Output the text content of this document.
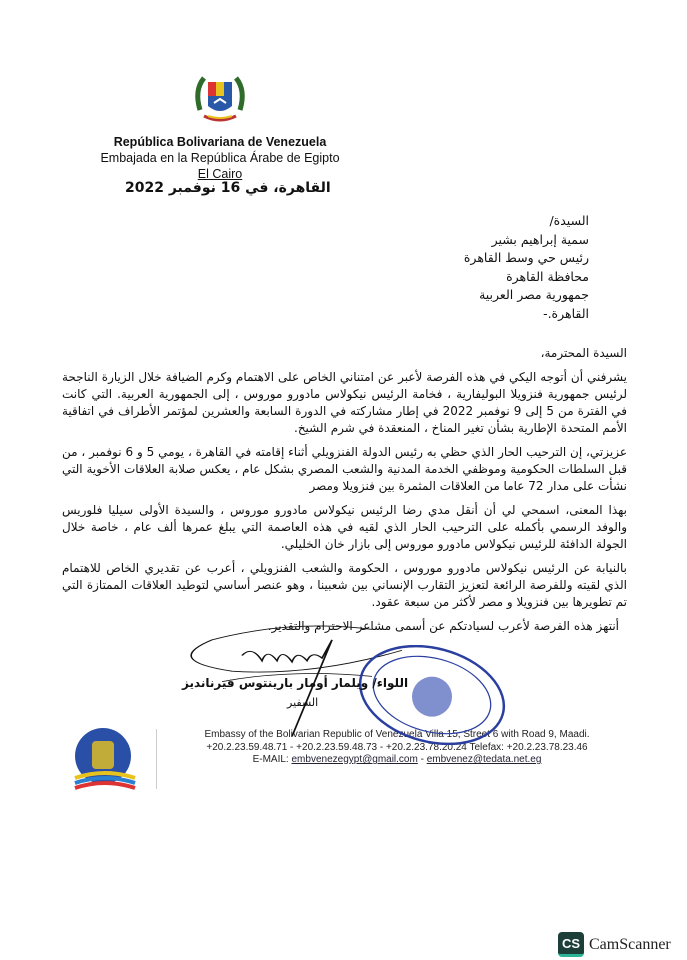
República Bolivariana de Venezuela
Embajada en la República Árabe de Egipto
El Cairo
القاهرة، في 16 نوفمبر 2022
السيدة/
سمية إبراهيم بشير
رئيس حي وسط القاهرة
محافظة القاهرة
جمهورية مصر العربية
القاهرة.-

السيدة المحترمة،

يشرفني أن أتوجه اليكي في هذه الفرصة لأعبر عن امتناني الخاص على الاهتمام وكرم الضيافة خلال الزيارة الناجحة لرئيس جمهورية فنزويلا البوليفارية ، فخامة الرئيس نيكولاس مادورو موروس ، إلى الجمهورية العربية. التي كانت في الفترة من 5 إلى 9 نوفمبر 2022 في إطار مشاركته في الدورة السابعة والعشرين لمؤتمر الأطراف في اتفاقية الأمم المتحدة الإطارية بشأن تغير المناخ ، المنعقدة في شرم الشيخ.

عزيزتي، إن الترحيب الحار الذي حظي به رئيس الدولة الفنزويلي أثناء إقامته في القاهرة ، يومي 5 و 6 نوفمبر ، من قبل السلطات الحكومية وموظفي الخدمة المدنية والشعب المصري بشكل عام ، يعكس صلابة العلاقات الأخوية التي نشأت على مدار 72 عاما من العلاقات المثمرة بين فنزويلا ومصر

بهذا المعنى، اسمحي لي أن أنقل مدي رضا الرئيس نيكولاس مادورو موروس ، والسيدة الأولى سيليا فلوريس والوفد الرسمي بأكمله على الترحيب الحار الذي لقيه في هذه العاصمة التي يبلغ عمرها ألف عام ، خاصة خلال الجولة الدافئة للرئيس نيكولاس مادورو موروس إلى بازار خان الخليلي.

بالنيابة عن الرئيس نيكولاس مادورو موروس ، الحكومة والشعب الفنزويلي ، أعرب عن تقديري الخاص للاهتمام الذي لقيته وللفرصة الرائعة لتعزيز التقارب الإنساني بين شعبينا ، وهو عنصر أساسي لتوطيد العلاقات الممتازة التي تم تطويرها بين فنزويلا و مصر لأكثر من سبعة عقود.

أنتهز هذه الفرصة لأعرب لسيادتكم عن أسمى مشاعر الاحترام والتقدير.
اللواء/ ويلمار أومار بارينتوس فيرنانديز
السفير
Embassy of the Bolivarian Republic of Venezuela Villa 15, Street 6 with Road 9, Maadi.
+20.2.23.59.48.71 - +20.2.23.59.48.73 - +20.2.23.78.20.24 Telefax: +20.2.23.78.23.46
E-MAIL: embvenezegypt@gmail.com - embvenez@tedata.net.eg
CS CamScanner
